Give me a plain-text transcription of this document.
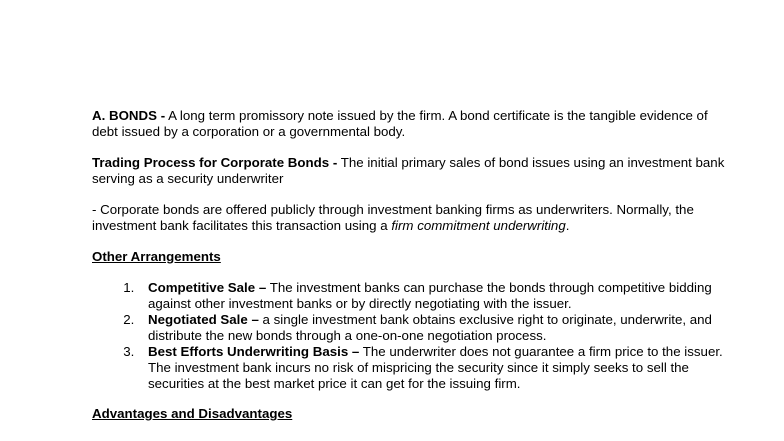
A. BONDS - A long term promissory note issued by the firm. A bond certificate is the tangible evidence of debt issued by a corporation or a governmental body.

Trading Process for Corporate Bonds - The initial primary sales of bond issues using an investment bank serving as a security underwriter

- Corporate bonds are offered publicly through investment banking firms as underwriters. Normally, the investment bank facilitates this transaction using a firm commitment underwriting.

Other Arrangements

1. Competitive Sale – The investment banks can purchase the bonds through competitive bidding against other investment banks or by directly negotiating with the issuer.
2. Negotiated Sale – a single investment bank obtains exclusive right to originate, underwrite, and distribute the new bonds through a one-on-one negotiation process.
3. Best Efforts Underwriting Basis – The underwriter does not guarantee a firm price to the issuer. The investment bank incurs no risk of mispricing the security since it simply seeks to sell the securities at the best market price it can get for the issuing firm.

Advantages and Disadvantages
